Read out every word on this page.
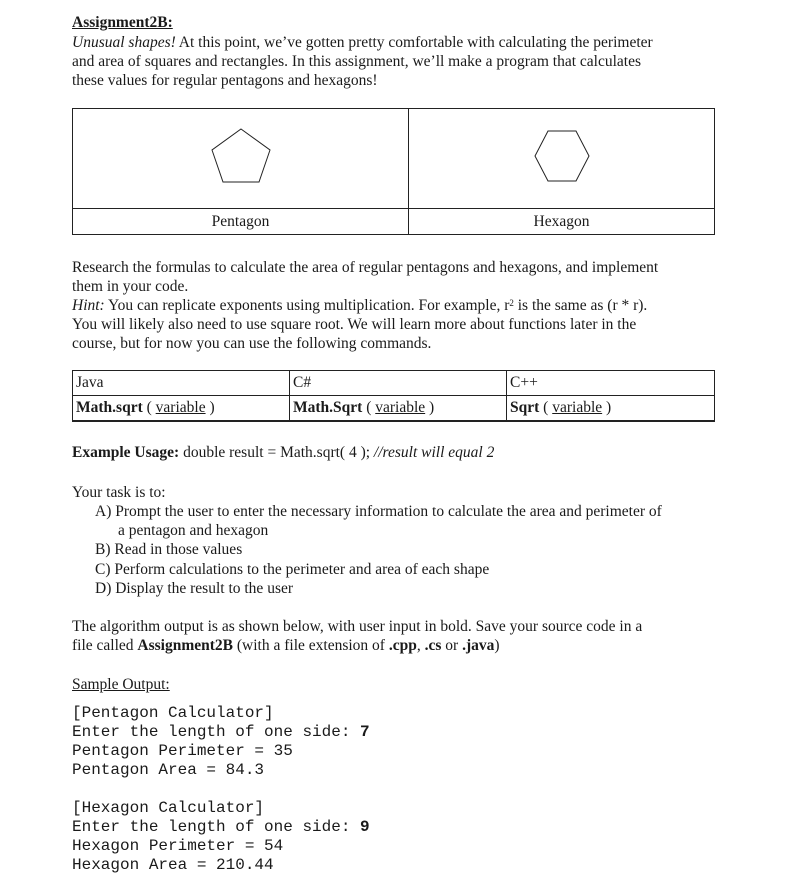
Assignment2B:
Unusual shapes! At this point, we’ve gotten pretty comfortable with calculating the perimeter
and area of squares and rectangles. In this assignment, we’ll make a program that calculates
these values for regular pentagons and hexagons!

Pentagon	Hexagon
Research the formulas to calculate the area of regular pentagons and hexagons, and implement
them in your code.
Hint: You can replicate exponents using multiplication. For example, $r^2$ is the same as (r * r).
You will likely also need to use square root. We will learn more about functions later in the
course, but for now you can use the following commands.
Java	C#	C++
Math.sqrt ( variable )	Math.Sqrt ( variable )	Sqrt ( variable )
Example Usage: double result = Math.sqrt( 4 ); //result will equal 2
Your task is to:
A) Prompt the user to enter the necessary information to calculate the area and perimeter of
a pentagon and hexagon
B) Read in those values
C) Perform calculations to the perimeter and area of each shape
D) Display the result to the user
The algorithm output is as shown below, with user input in bold. Save your source code in a
file called Assignment2B (with a file extension of .cpp, .cs or .java)
Sample Output:
[Pentagon Calculator]
Enter the length of one side: 7
Pentagon Perimeter = 35
Pentagon Area = 84.3
[Hexagon Calculator]
Enter the length of one side: 9
Hexagon Perimeter = 54
Hexagon Area = 210.44
